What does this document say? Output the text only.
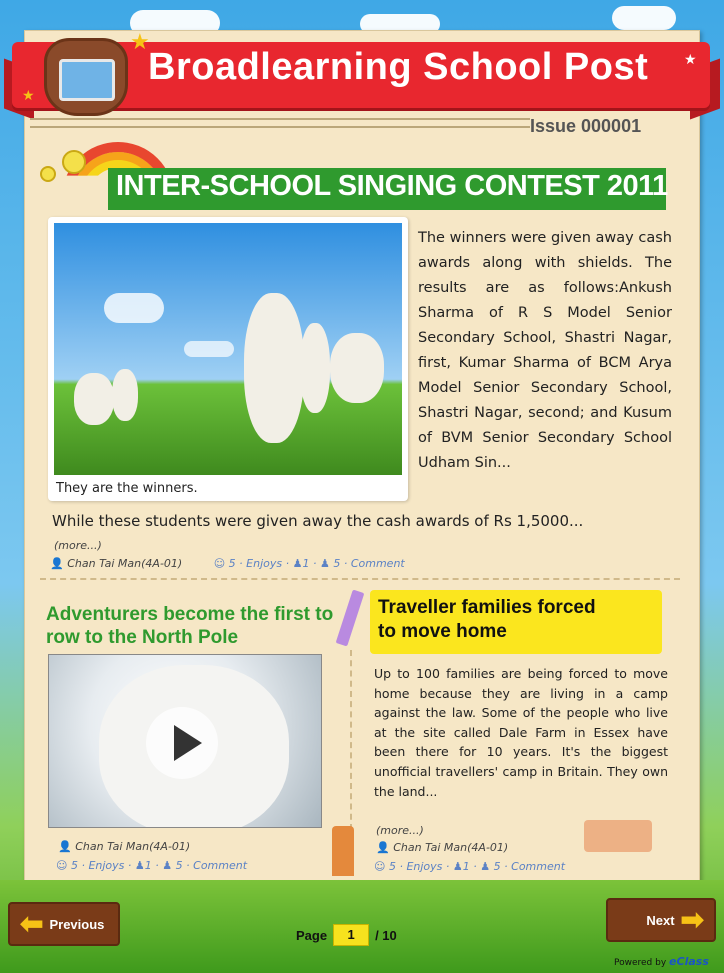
★
★
★
Broadlearning School Post
Issue 000001
INTER-SCHOOL SINGING CONTEST 2011
They are the winners.
The winners were given away cash awards along with shields. The results are as follows:Ankush Sharma of R S Model Senior Secondary School, Shastri Nagar, first, Kumar Sharma of BCM Arya Model Senior Secondary School, Shastri Nagar, second; and Kusum of BVM Senior Secondary School Udham Sin...
While these students were given away the cash awards of Rs 1,5000...
(more...)
👤 Chan Tai Man(4A-01)	☺ 5 · Enjoys · ♟1 · ♟ 5 · Comment
Adventurers become the first to row to the North Pole
👤 Chan Tai Man(4A-01)
☺ 5 · Enjoys · ♟1 · ♟ 5 · Comment
Traveller families forced to move home
Up to 100 families are being forced to move home because they are living in a camp against the law. Some of the people who live at the site called Dale Farm in Essex have been there for 10 years. It's the biggest unofficial travellers' camp in Britain. They own the land...
(more...)
👤 Chan Tai Man(4A-01)
☺ 5 · Enjoys · ♟1 · ♟ 5 · Comment
⬅ Previous	Next ➡
Page	1	/ 10
Powered by eClass
